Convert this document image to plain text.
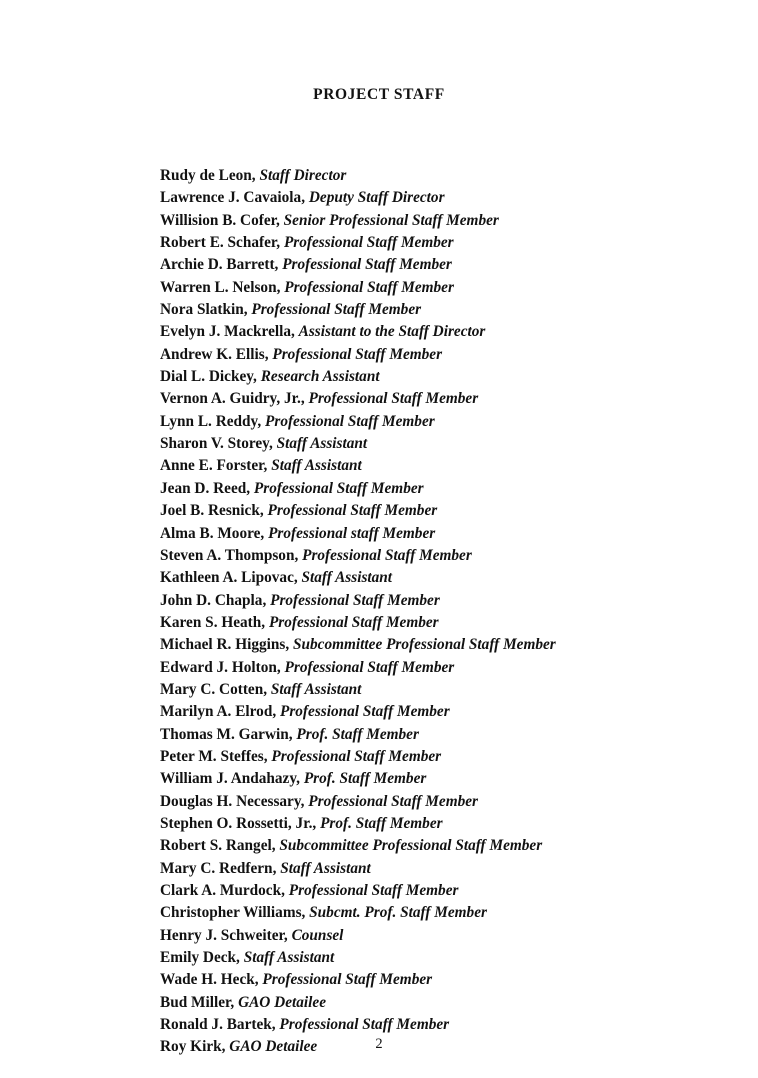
PROJECT STAFF
Rudy de Leon, Staff Director
Lawrence J. Cavaiola, Deputy Staff Director
Willision B. Cofer, Senior Professional Staff Member
Robert E. Schafer, Professional Staff Member
Archie D. Barrett, Professional Staff Member
Warren L. Nelson, Professional Staff Member
Nora Slatkin, Professional Staff Member
Evelyn J. Mackrella, Assistant to the Staff Director
Andrew K. Ellis, Professional Staff Member
Dial L. Dickey, Research Assistant
Vernon A. Guidry, Jr., Professional Staff Member
Lynn L. Reddy, Professional Staff Member
Sharon V. Storey, Staff Assistant
Anne E. Forster, Staff Assistant
Jean D. Reed, Professional Staff Member
Joel B. Resnick, Professional Staff Member
Alma B. Moore, Professional staff Member
Steven A. Thompson, Professional Staff Member
Kathleen A. Lipovac, Staff Assistant
John D. Chapla, Professional Staff Member
Karen S. Heath, Professional Staff Member
Michael R. Higgins, Subcommittee Professional Staff Member
Edward J. Holton, Professional Staff Member
Mary C. Cotten, Staff Assistant
Marilyn A. Elrod, Professional Staff Member
Thomas M. Garwin, Prof. Staff Member
Peter M. Steffes, Professional Staff Member
William J. Andahazy, Prof. Staff Member
Douglas H. Necessary, Professional Staff Member
Stephen O. Rossetti, Jr., Prof. Staff Member
Robert S. Rangel, Subcommittee Professional Staff Member
Mary C. Redfern, Staff Assistant
Clark A. Murdock, Professional Staff Member
Christopher Williams, Subcmt. Prof. Staff Member
Henry J. Schweiter, Counsel
Emily Deck, Staff Assistant
Wade H. Heck, Professional Staff Member
Bud Miller, GAO Detailee
Ronald J. Bartek, Professional Staff Member
Roy Kirk, GAO Detailee	2
